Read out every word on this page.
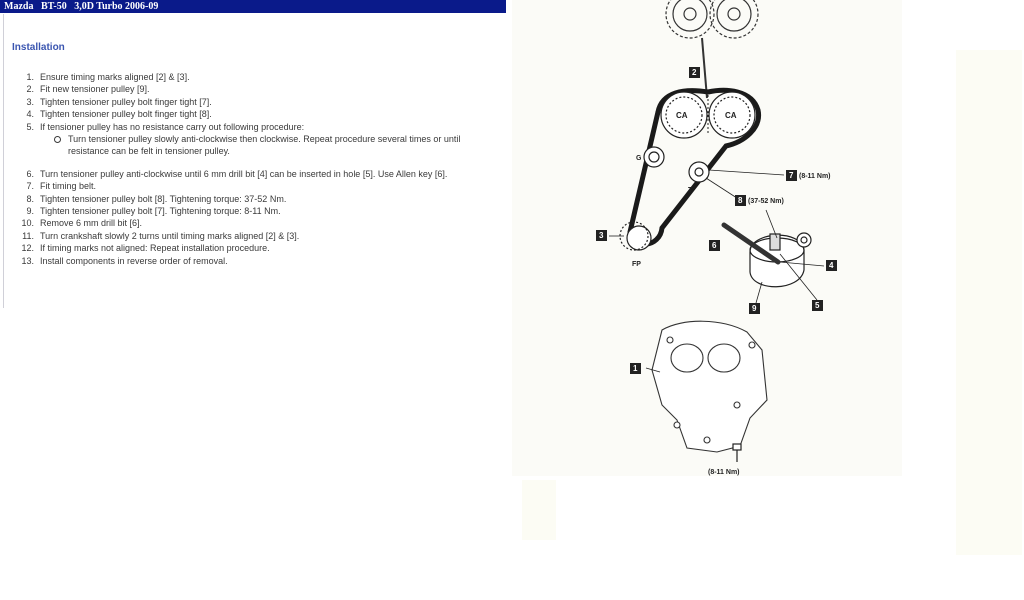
Mazda   BT-50   3,0D Turbo 2006-09
Installation
1. Ensure timing marks aligned [2] & [3].
2. Fit new tensioner pulley [9].
3. Tighten tensioner pulley bolt finger tight [7].
4. Tighten tensioner pulley bolt finger tight [8].
5. If tensioner pulley has no resistance carry out following procedure:
Turn tensioner pulley slowly anti-clockwise then clockwise. Repeat procedure several times or until resistance can be felt in tensioner pulley.
6. Turn tensioner pulley anti-clockwise until 6 mm drill bit [4] can be inserted in hole [5]. Use Allen key [6].
7. Fit timing belt.
8. Tighten tensioner pulley bolt [8]. Tightening torque: 37-52 Nm.
9. Tighten tensioner pulley bolt [7]. Tightening torque: 8-11 Nm.
10. Remove 6 mm drill bit [6].
11. Turn crankshaft slowly 2 turns until timing marks aligned [2] & [3].
12. If timing marks not aligned: Repeat installation procedure.
13. Install components in reverse order of removal.
CA	CA
G
T
FP
2
3
7 (8-11 Nm)
8 (37-52 Nm)
6
4
5
9
1
(8-11 Nm)
